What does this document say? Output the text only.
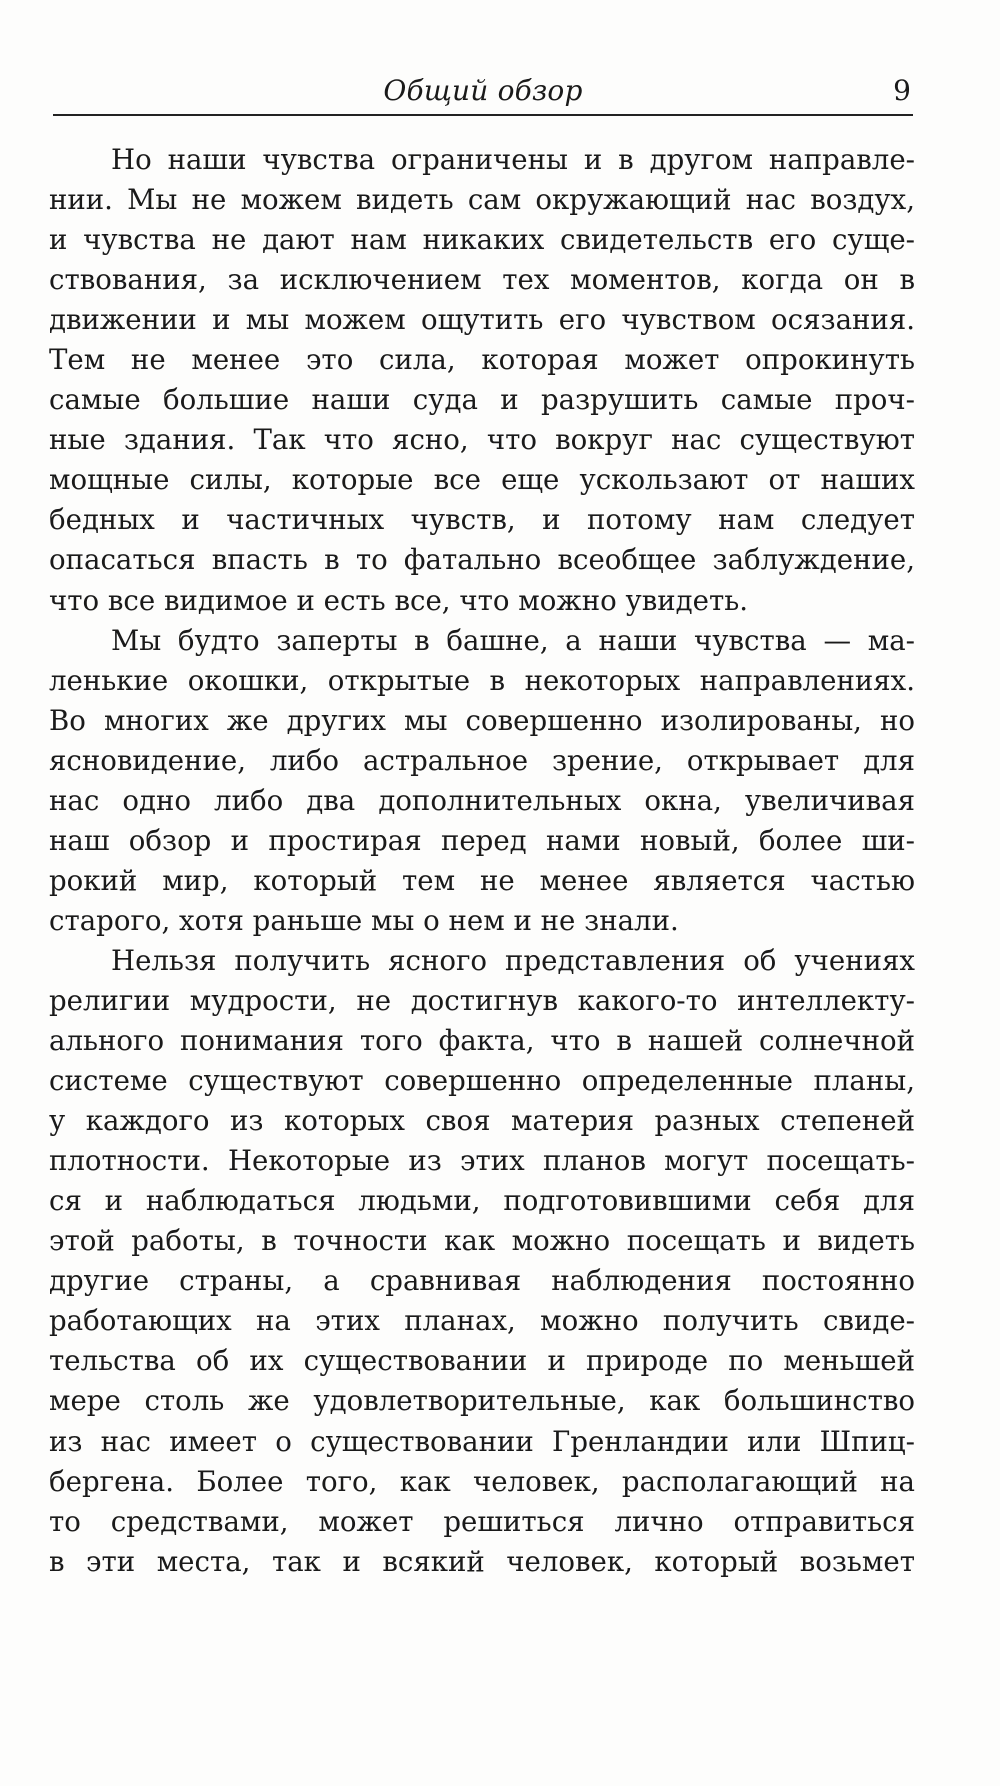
Общий обзор	9

Но наши чувства ограничены и в другом направле-
нии. Мы не можем видеть сам окружающий нас воздух,
и чувства не дают нам никаких свидетельств его суще-
ствования, за исключением тех моментов, когда он в
движении и мы можем ощутить его чувством осязания.
Тем не менее это сила, которая может опрокинуть
самые большие наши суда и разрушить самые проч-
ные здания. Так что ясно, что вокруг нас существуют
мощные силы, которые все еще ускользают от наших
бедных и частичных чувств, и потому нам следует
опасаться впасть в то фатально всеобщее заблуждение,
что все видимое и есть все, что можно увидеть.

Мы будто заперты в башне, а наши чувства — ма-
ленькие окошки, открытые в некоторых направлениях.
Во многих же других мы совершенно изолированы, но
ясновидение, либо астральное зрение, открывает для
нас одно либо два дополнительных окна, увеличивая
наш обзор и простирая перед нами новый, более ши-
рокий мир, который тем не менее является частью
старого, хотя раньше мы о нем и не знали.

Нельзя получить ясного представления об учениях
религии мудрости, не достигнув какого-то интеллекту-
ального понимания того факта, что в нашей солнечной
системе существуют совершенно определенные планы,
у каждого из которых своя материя разных степеней
плотности. Некоторые из этих планов могут посещать-
ся и наблюдаться людьми, подготовившими себя для
этой работы, в точности как можно посещать и видеть
другие страны, а сравнивая наблюдения постоянно
работающих на этих планах, можно получить свиде-
тельства об их существовании и природе по меньшей
мере столь же удовлетворительные, как большинство
из нас имеет о существовании Гренландии или Шпиц-
бергена. Более того, как человек, располагающий на
то средствами, может решиться лично отправиться
в эти места, так и всякий человек, который возьмет
